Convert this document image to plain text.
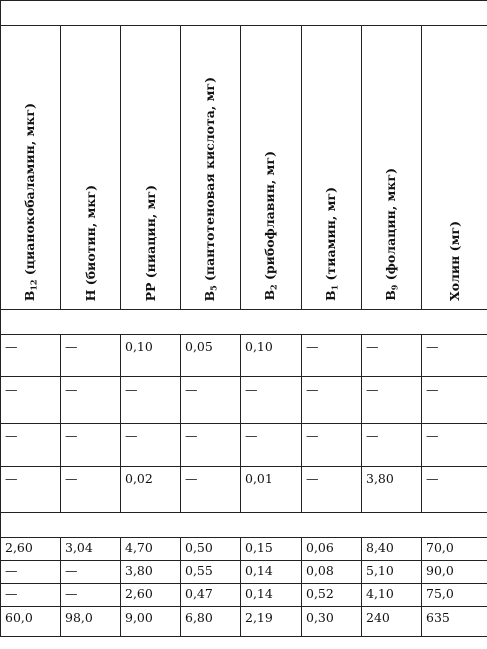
$B_{12}$ (цианокобаламин, мкг)	Н (биотин, мкг)	РР (ниацин, мг)	$B_5$ (пантотеновая кислота, мг)	$B_2$ (рибофлавин, мг)	$B_1$ (тиамин, мг)	$B_9$ (фолацин, мкг)	Холин (мг)

—	—	0,10	0,05	0,10	—	—	—
—	—	—	—	—	—	—	—
—	—	—	—	—	—	—	—
—	—	0,02	—	0,01	—	3,80	—

2,60	3,04	4,70	0,50	0,15	0,06	8,40	70,0
—	—	3,80	0,55	0,14	0,08	5,10	90,0
—	—	2,60	0,47	0,14	0,52	4,10	75,0
60,0	98,0	9,00	6,80	2,19	0,30	240	635
